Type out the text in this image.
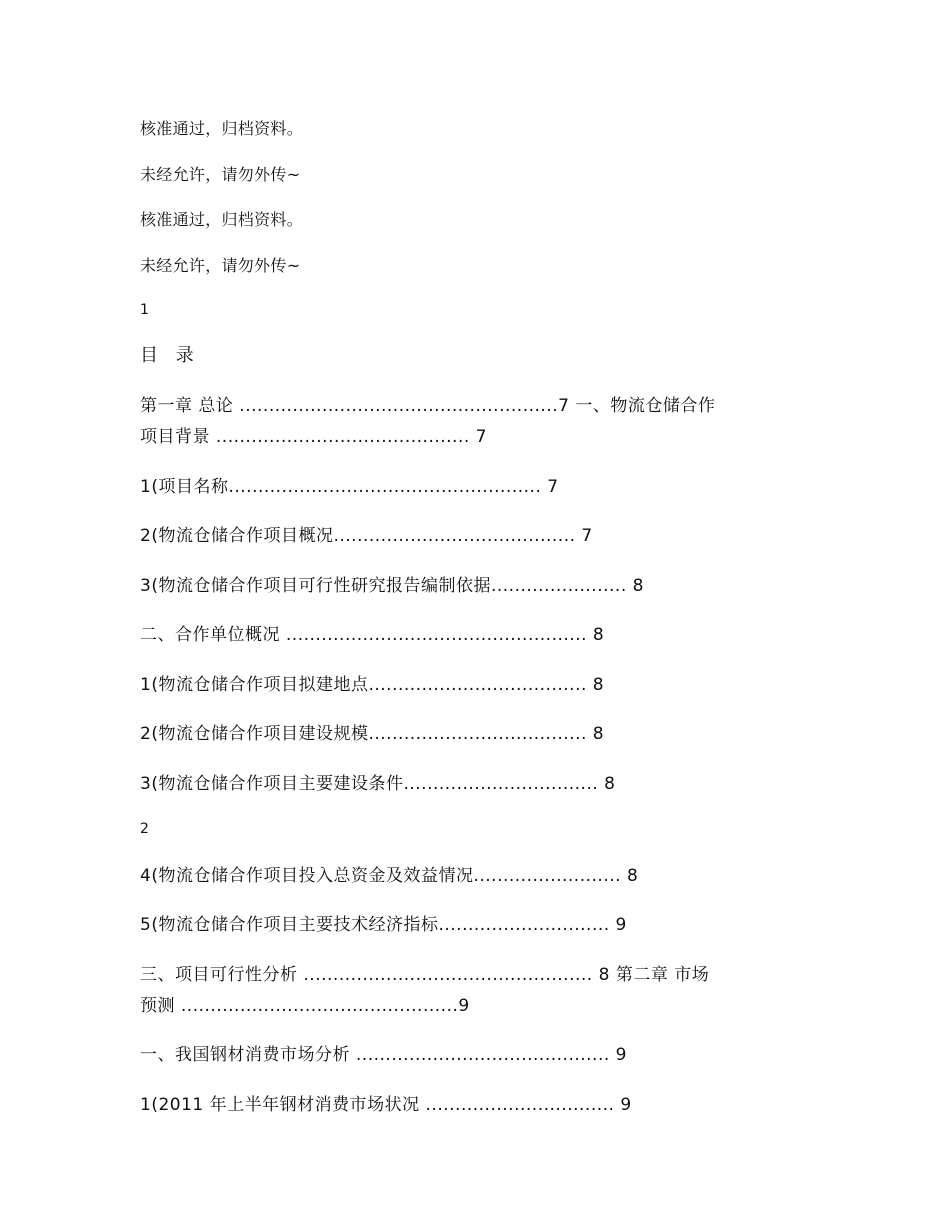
核准通过，归档资料。
未经允许，请勿外传~
核准通过，归档资料。
未经允许，请勿外传~
1
目 录
第一章 总论 ......................................................7 一、物流仓储合作
项目背景 ........................................... 7
1(项目名称..................................................... 7
2(物流仓储合作项目概况......................................... 7
3(物流仓储合作项目可行性研究报告编制依据....................... 8
二、合作单位概况 ................................................... 8
1(物流仓储合作项目拟建地点..................................... 8
2(物流仓储合作项目建设规模..................................... 8
3(物流仓储合作项目主要建设条件................................. 8
2
4(物流仓储合作项目投入总资金及效益情况......................... 8
5(物流仓储合作项目主要技术经济指标............................. 9
三、项目可行性分析 ................................................. 8 第二章 市场
预测 ...............................................9
一、我国钢材消费市场分析 ........................................... 9
1(2011 年上半年钢材消费市场状况 ................................ 9
